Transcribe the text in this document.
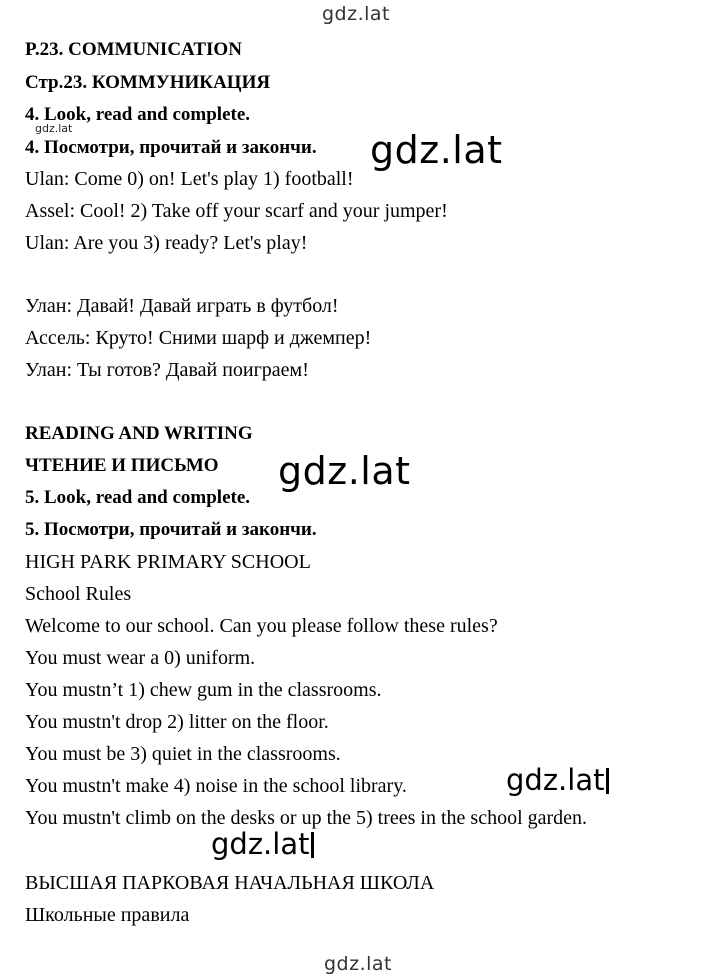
gdz.lat
gdz.lat	gdz.lat
gdz.lat
gdz.lat
gdz.lat
gdz.lat
P.23. COMMUNICATION
Стр.23. КОММУНИКАЦИЯ
4. Look, read and complete.
4. Посмотри, прочитай и закончи.
Ulan: Come 0) on! Let's play 1) football!
Assel: Cool! 2) Take off your scarf and your jumper!
Ulan: Are you 3) ready? Let's play!
Улан: Давай! Давай играть в футбол!
Ассель: Круто! Сними шарф и джемпер!
Улан: Ты готов? Давай поиграем!
READING AND WRITING
ЧТЕНИЕ И ПИСЬМО
5. Look, read and complete.
5. Посмотри, прочитай и закончи.
HIGH PARK PRIMARY SCHOOL
School Rules
Welcome to our school. Can you please follow these rules?
You must wear a 0) uniform.
You mustn’t 1) chew gum in the classrooms.
You mustn't drop 2) litter on the floor.
You must be 3) quiet in the classrooms.
You mustn't make 4) noise in the school library.
You mustn't climb on the desks or up the 5) trees in the school garden.
ВЫСШАЯ ПАРКОВАЯ НАЧАЛЬНАЯ ШКОЛА
Школьные правила
